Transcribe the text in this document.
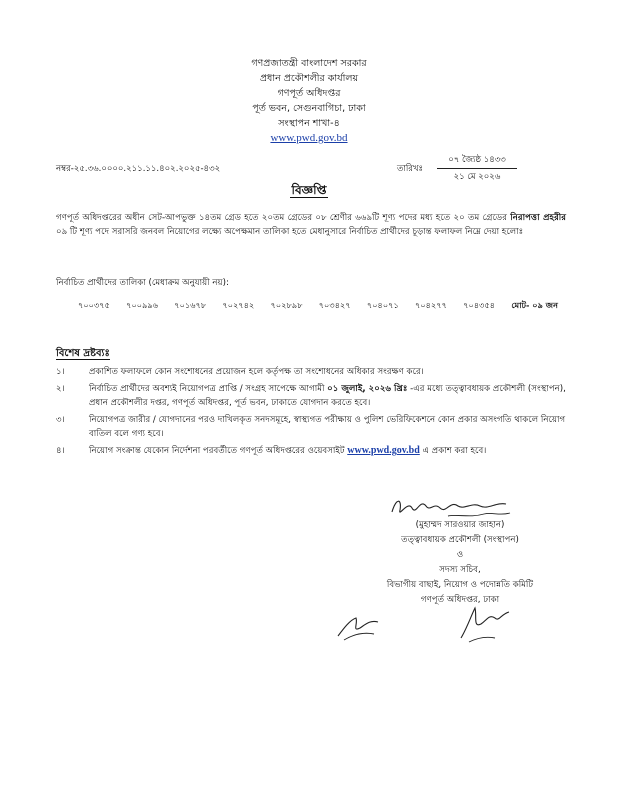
গণপ্রজাতন্ত্রী বাংলাদেশ সরকার
প্রধান প্রকৌশলীর কার্যালয়
গণপূর্ত অধিদপ্তর
পূর্ত ভবন, সেগুনবাগিচা, ঢাকা
সংস্থাপন শাখা-৪
www.pwd.gov.bd
নম্বর-২৫.৩৬.০০০০.২১১.১১.৪০২.২০২৫-৪৩২	তারিখঃ
০৭ জ্যৈষ্ঠ ১৪৩৩
২১ মে ২০২৬
বিজ্ঞপ্তি
গণপূর্ত অধিদপ্তরের অধীন সেট-আপভুক্ত ১৪তম গ্রেড হতে ২০তম গ্রেডের ০৮ শ্রেণীর ৬৬৯টি শূণ্য পদের মধ্য হতে ২০ তম গ্রেডের নিরাপত্তা প্রহরীর ০৯ টি শূণ্য পদে সরাসরি জনবল নিয়োগের লক্ষ্যে অপেক্ষমান তালিকা হতে মেধানুসারে নির্বাচিত প্রার্থীদের চূড়ান্ত ফলাফল নিম্নে দেয়া হলোঃ
নির্বাচিত প্রার্থীদের তালিকা (মেধাক্রম অনুযায়ী নয়):
৭০০৩৭৫ ৭০০৯৯৬ ৭০১৬৭৮ ৭০২৭৪২ ৭০২৮৯৮ ৭০৩৪২৭ ৭০৪০৭১ ৭০৪২৭৭ ৭০৪৩৫৪ মোট- ০৯ জন
বিশেষ দ্রষ্টব্যঃ
১।	প্রকাশিত ফলাফলে কোন সংশোধনের প্রয়োজন হলে কর্তৃপক্ষ তা সংশোধনের অধিকার সংরক্ষণ করে।
২।	নির্বাচিত প্রার্থীদের অবশ্যই নিয়োগপত্র প্রাপ্তি / সংগ্রহ সাপেক্ষে আগামী ০১ জুলাই, ২০২৬ খ্রিঃ -এর মধ্যে তত্ত্বাবধায়ক প্রকৌশলী (সংস্থাপন), প্রধান প্রকৌশলীর দপ্তর, গণপূর্ত অধিদপ্তর, পূর্ত ভবন, ঢাকাতে যোগদান করতে হবে।
৩।	নিয়োগপত্র জারীর / যোগদানের পরও দাখিলকৃত সনদসমূহে, স্বাস্থ্যগত পরীক্ষায় ও পুলিশ ভেরিফিকেশনে কোন প্রকার অসংগতি থাকলে নিয়োগ বাতিল বলে গণ্য হবে।
৪।	নিয়োগ সংক্রান্ত যেকোন নির্দেশনা পরবর্তীতে গণপূর্ত অধিদপ্তরের ওয়েবসাইট www.pwd.gov.bd এ প্রকাশ করা হবে।
(মুহাম্মদ সারওয়ার জাহান)
তত্ত্বাবধায়ক প্রকৌশলী (সংস্থাপন)
ও
সদস্য সচিব,
বিভাগীয় বাছাই, নিয়োগ ও পদোন্নতি কমিটি
গণপূর্ত অধিদপ্তর, ঢাকা
